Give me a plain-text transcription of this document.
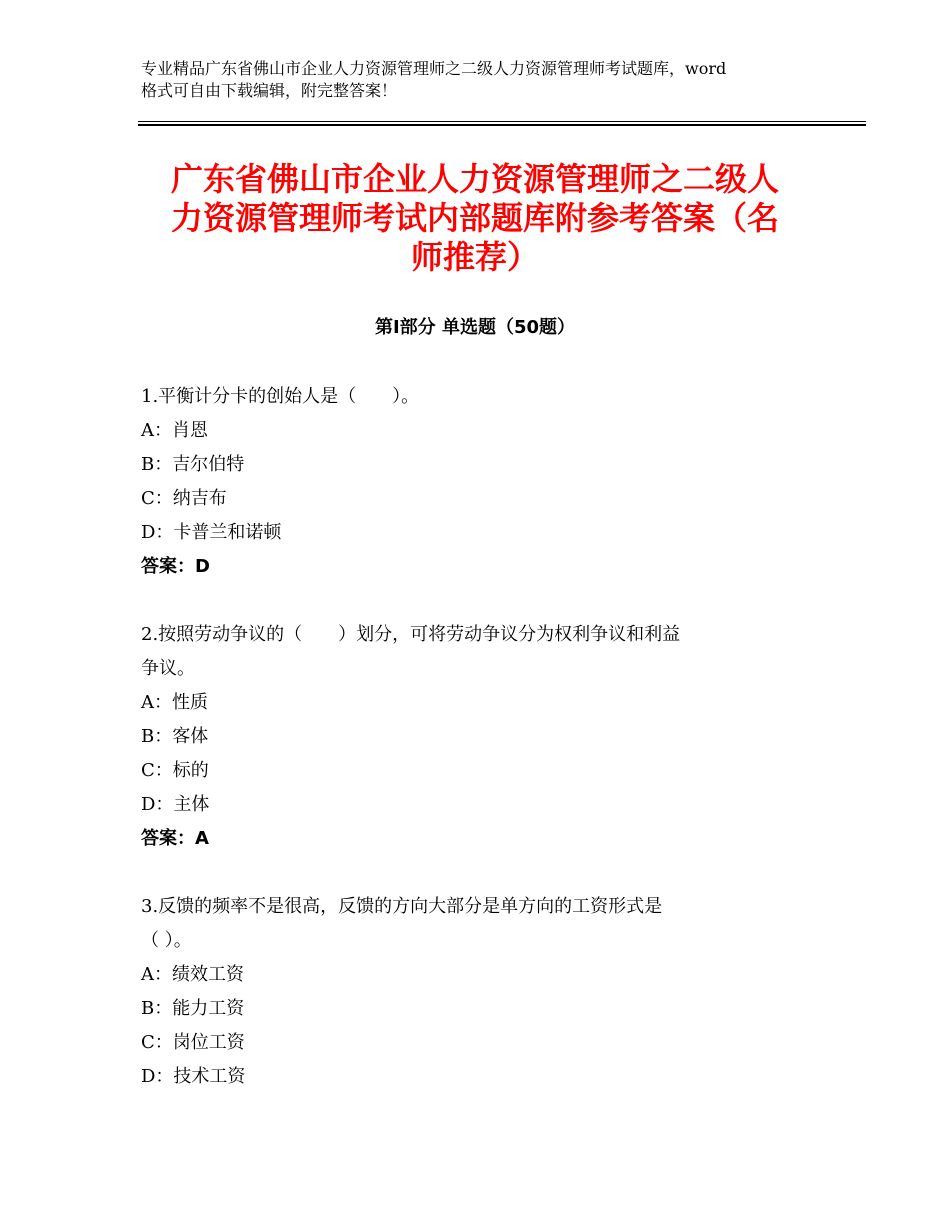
专业精品广东省佛山市企业人力资源管理师之二级人力资源管理师考试题库，word
格式可自由下载编辑，附完整答案！
广东省佛山市企业人力资源管理师之二级人
力资源管理师考试内部题库附参考答案（名
师推荐）
第Ⅰ部分 单选题（50题）
1.平衡计分卡的创始人是（　　）。
A：肖恩
B：吉尔伯特
C：纳吉布
D：卡普兰和诺顿
答案：D
2.按照劳动争议的（　　）划分，可将劳动争议分为权利争议和利益
争议。
A：性质
B：客体
C：标的
D：主体
答案：A
3.反馈的频率不是很高，反馈的方向大部分是单方向的工资形式是
（ ）。
A：绩效工资
B：能力工资
C：岗位工资
D：技术工资
